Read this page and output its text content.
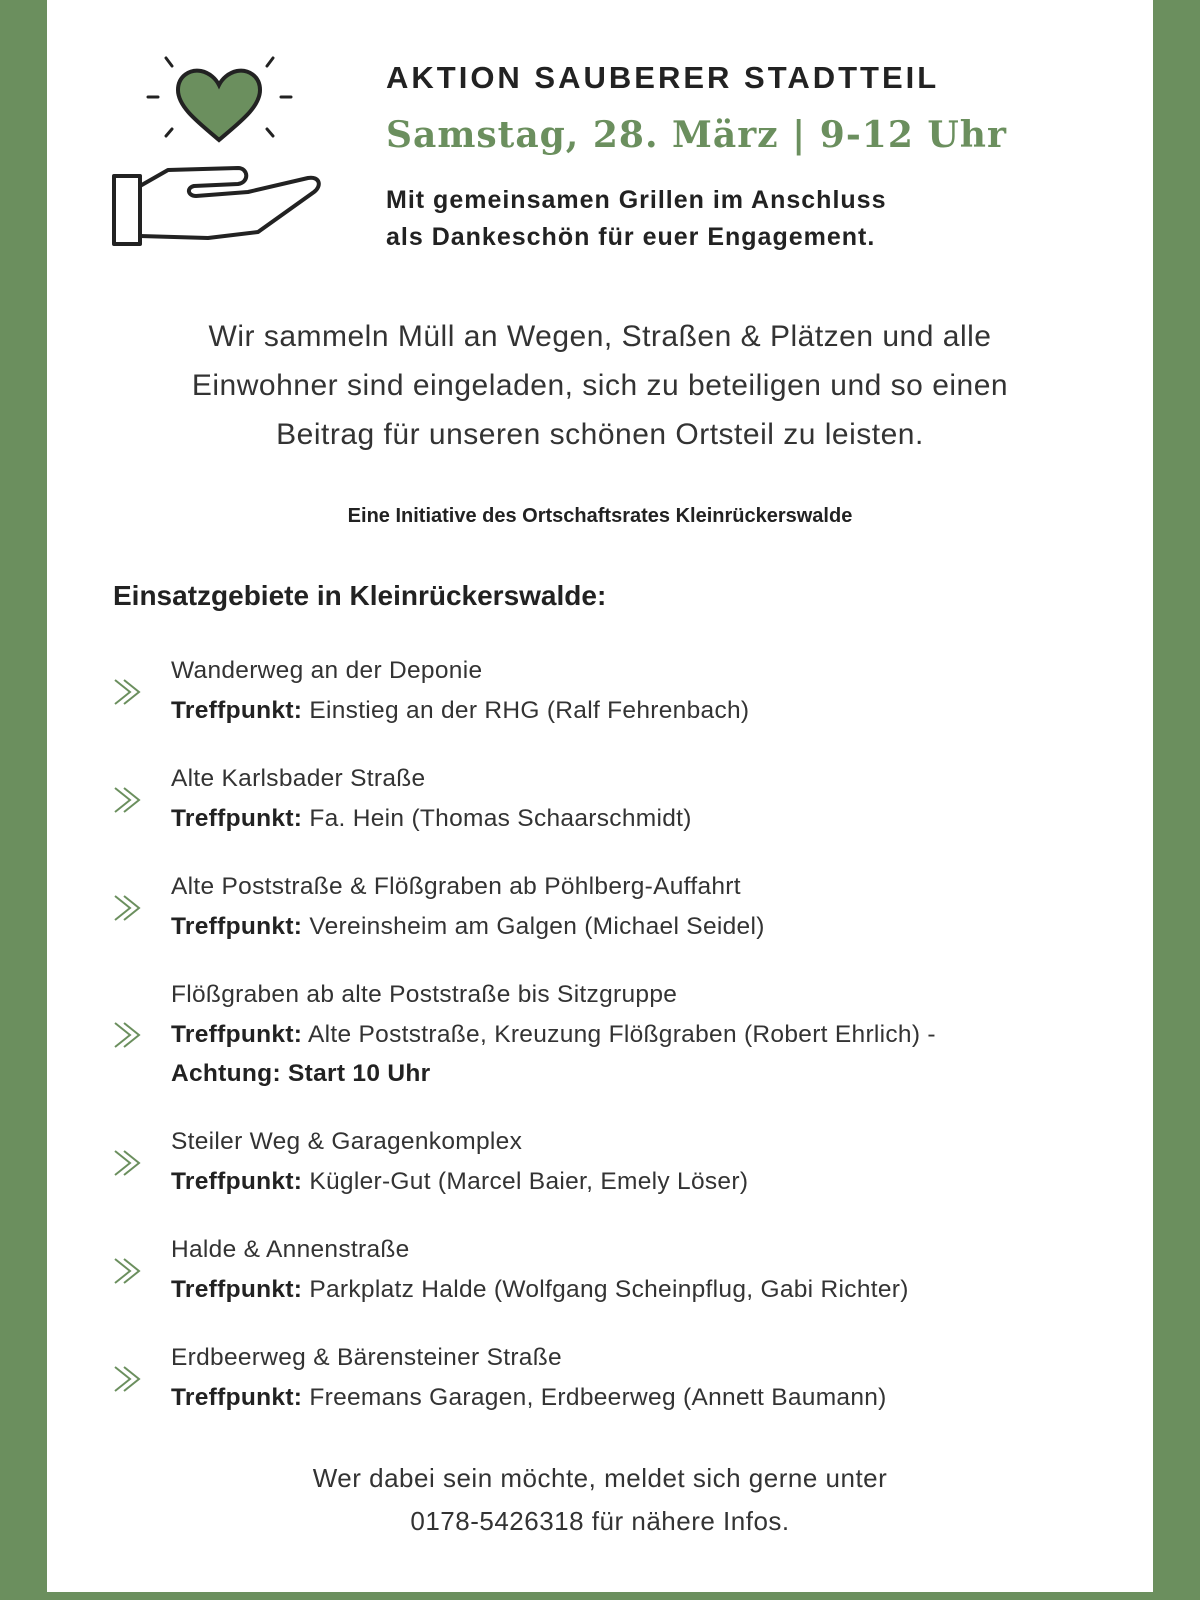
AKTION SAUBERER STADTTEIL
Samstag, 28. März | 9-12 Uhr
Mit gemeinsamen Grillen im Anschluss
als Dankeschön für euer Engagement.
Wir sammeln Müll an Wegen, Straßen & Plätzen und alle
Einwohner sind eingeladen, sich zu beteiligen und so einen
Beitrag für unseren schönen Ortsteil zu leisten.
Eine Initiative des Ortschaftsrates Kleinrückerswalde
Einsatzgebiete in Kleinrückerswalde:
Wanderweg an der Deponie
Treffpunkt: Einstieg an der RHG (Ralf Fehrenbach)
Alte Karlsbader Straße
Treffpunkt: Fa. Hein (Thomas Schaarschmidt)
Alte Poststraße & Flößgraben ab Pöhlberg-Auffahrt
Treffpunkt: Vereinsheim am Galgen (Michael Seidel)
Flößgraben ab alte Poststraße bis Sitzgruppe
Treffpunkt: Alte Poststraße, Kreuzung Flößgraben (Robert Ehrlich) -
Achtung: Start 10 Uhr
Steiler Weg & Garagenkomplex
Treffpunkt: Kügler-Gut (Marcel Baier, Emely Löser)
Halde & Annenstraße
Treffpunkt: Parkplatz Halde (Wolfgang Scheinpflug, Gabi Richter)
Erdbeerweg & Bärensteiner Straße
Treffpunkt: Freemans Garagen, Erdbeerweg (Annett Baumann)
Wer dabei sein möchte, meldet sich gerne unter
0178-5426318 für nähere Infos.
